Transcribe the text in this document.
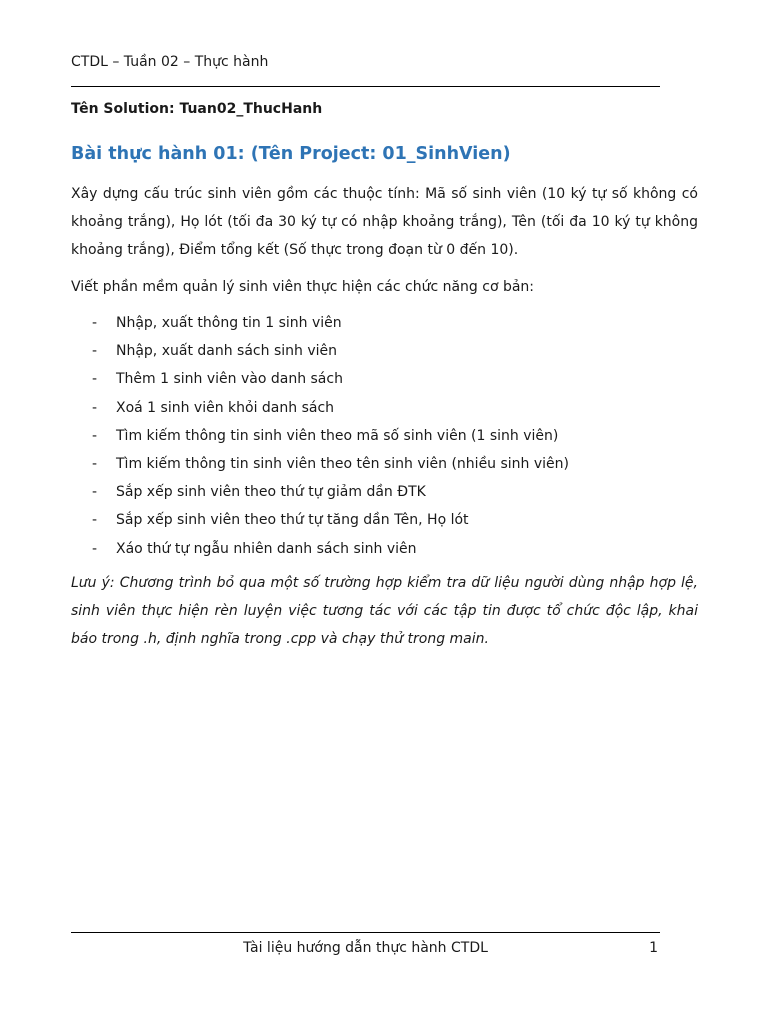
CTDL – Tuần 02 – Thực hành
Tên Solution: Tuan02_ThucHanh
Bài thực hành 01: (Tên Project: 01_SinhVien)
Xây dựng cấu trúc sinh viên gồm các thuộc tính: Mã số sinh viên (10 ký tự số không có khoảng trắng), Họ lót (tối đa 30 ký tự có nhập khoảng trắng), Tên (tối đa 10 ký tự không khoảng trắng), Điểm tổng kết (Số thực trong đoạn từ 0 đến 10).
Viết phần mềm quản lý sinh viên thực hiện các chức năng cơ bản:
- Nhập, xuất thông tin 1 sinh viên
- Nhập, xuất danh sách sinh viên
- Thêm 1 sinh viên vào danh sách
- Xoá 1 sinh viên khỏi danh sách
- Tìm kiếm thông tin sinh viên theo mã số sinh viên (1 sinh viên)
- Tìm kiếm thông tin sinh viên theo tên sinh viên (nhiều sinh viên)
- Sắp xếp sinh viên theo thứ tự giảm dần ĐTK
- Sắp xếp sinh viên theo thứ tự tăng dần Tên, Họ lót
- Xáo thứ tự ngẫu nhiên danh sách sinh viên
Lưu ý: Chương trình bỏ qua một số trường hợp kiểm tra dữ liệu người dùng nhập hợp lệ, sinh viên thực hiện rèn luyện việc tương tác với các tập tin được tổ chức độc lập, khai báo trong .h, định nghĩa trong .cpp và chạy thử trong main.
Tài liệu hướng dẫn thực hành CTDL	1
